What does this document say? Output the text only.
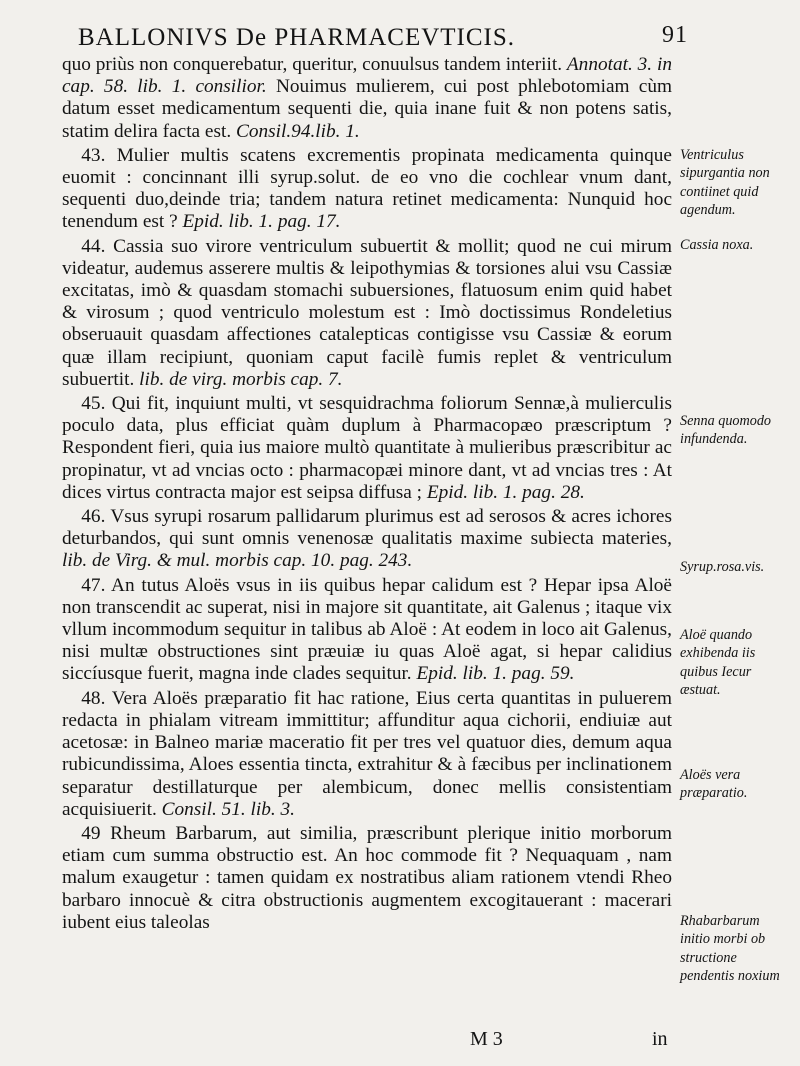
BALLONIVS De PHARMACEVTICIS.	91

quo priùs non conquerebatur, queritur, conuulsus tandem interiit. Annotat. 3. in cap. 58. lib. 1. consilior. Nouimus mulierem, cui post phlebotomiam cùm datum esset medicamentum sequenti die, quia inane fuit & non potens satis, statim delira facta est. Consil.94.lib. 1.

 43. Mulier multis scatens excrementis propinata medicamenta quinque euomit : concinnant illi syrup.solut. de eo vno die cochlear vnum dant, sequenti duo,deinde tria; tandem natura retinet medicamenta: Nunquid hoc tenendum est ? Epid. lib. 1. pag. 17.

 44. Cassia suo virore ventriculum subuertit & mollit; quod ne cui mirum videatur, audemus asserere multis & leipothymias & torsiones alui vsu Cassiæ excitatas, imò & quasdam stomachi subuersiones, flatuosum enim quid habet & virosum ; quod ventriculo molestum est : Imò doctissimus Rondeletius obseruauit quasdam affectiones catalepticas contigisse vsu Cassiæ & eorum quæ illam recipiunt, quoniam caput facilè fumis replet & ventriculum subuertit. lib. de virg. morbis cap. 7.

 45. Qui fit, inquiunt multi, vt sesquidrachma foliorum Sennæ,à mulierculis poculo data, plus efficiat quàm duplum à Pharmacopæo præscriptum ? Respondent fieri, quia ius maiore multò quantitate à mulieribus præscribitur ac propinatur, vt ad vncias octo : pharmacopæi minore dant, vt ad vncias tres : At dices virtus contracta major est seipsa diffusa ; Epid. lib. 1. pag. 28.

 46. Vsus syrupi rosarum pallidarum plurimus est ad serosos & acres ichores deturbandos, qui sunt omnis venenosæ qualitatis maxime subiecta materies, lib. de Virg. & mul. morbis cap. 10. pag. 243.

 47. An tutus Aloës vsus in iis quibus hepar calidum est ? Hepar ipsa Aloë non transcendit ac superat, nisi in majore sit quantitate, ait Galenus ; itaque vix vllum incommodum sequitur in talibus ab Aloë : At eodem in loco ait Galenus, nisi multæ obstructiones sint præuiæ iu quas Aloë agat, si hepar calidius siccíusque fuerit, magna inde clades sequitur. Epid. lib. 1. pag. 59.

 48. Vera Aloës præparatio fit hac ratione, Eius certa quantitas in puluerem redacta in phialam vitream immittitur; affunditur aqua cichorii, endiuiæ aut acetosæ: in Balneo mariæ maceratio fit per tres vel quatuor dies, demum aqua rubicundissima, Aloes essentia tincta, extrahitur & à fæcibus per inclinationem separatur destillaturque per alembicum, donec mellis consistentiam acquisiuerit. Consil. 51. lib. 3.

 49 Rheum Barbarum, aut similia, præscribunt plerique initio morborum etiam cum summa obstructio est. An hoc commode fit ? Nequaquam , nam malum exaugetur : tamen quidam ex nostratibus aliam rationem vtendi Rheo barbaro innocuè & citra obstructionis augmentem excogitauerant : macerari iubent eius taleolas

Ventriculus sipurgantia non contiinet quid agendum.
Cassia noxa.
Senna quomodo infundenda.
Syrup.rosa.vis.
Aloë quando exhibenda iis quibus Iecur æstuat.
Aloës vera præparatio.
Rhabarbarum initio morbi ob structione pendentis noxium
M 3	in
